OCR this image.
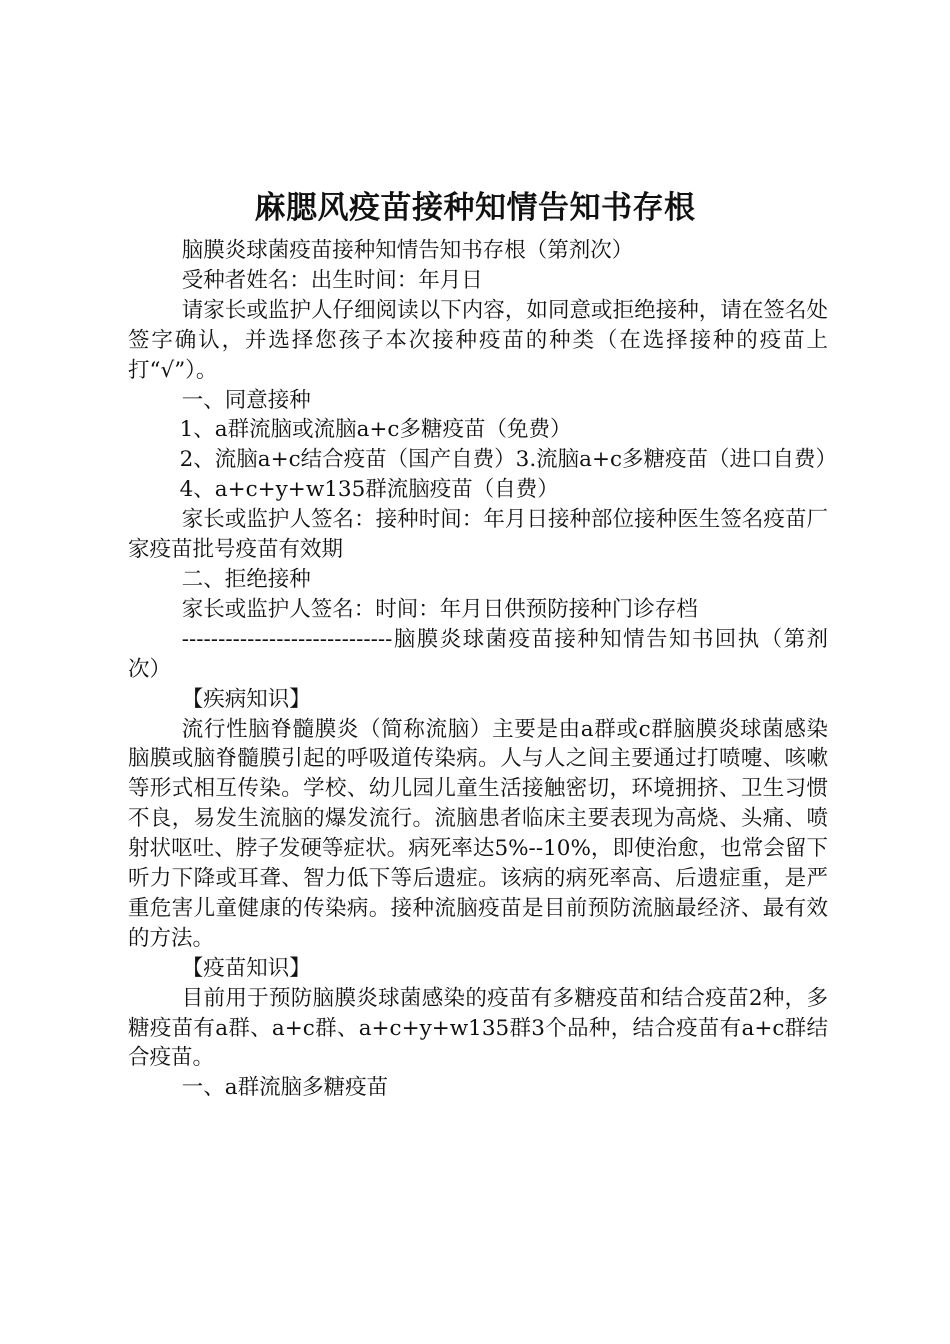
麻腮风疫苗接种知情告知书存根

脑膜炎球菌疫苗接种知情告知书存根（第剂次）

受种者姓名：出生时间：年月日

请家长或监护人仔细阅读以下内容，如同意或拒绝接种，请在签名处签字确认，并选择您孩子本次接种疫苗的种类（在选择接种的疫苗上打“√”）。

一、同意接种

1、a群流脑或流脑a+c多糖疫苗（免费）

2、流脑a+c结合疫苗（国产自费）3.流脑a+c多糖疫苗（进口自费）

4、a+c+y+w135群流脑疫苗（自费）

家长或监护人签名：接种时间：年月日接种部位接种医生签名疫苗厂家疫苗批号疫苗有效期

二、拒绝接种

家长或监护人签名：时间：年月日供预防接种门诊存档

-----------------------------脑膜炎球菌疫苗接种知情告知书回执（第剂次）

【疾病知识】

流行性脑脊髓膜炎（简称流脑）主要是由a群或c群脑膜炎球菌感染脑膜或脑脊髓膜引起的呼吸道传染病。人与人之间主要通过打喷嚏、咳嗽等形式相互传染。学校、幼儿园儿童生活接触密切，环境拥挤、卫生习惯不良，易发生流脑的爆发流行。流脑患者临床主要表现为高烧、头痛、喷射状呕吐、脖子发硬等症状。病死率达5%--10%，即使治愈，也常会留下听力下降或耳聋、智力低下等后遗症。该病的病死率高、后遗症重，是严重危害儿童健康的传染病。接种流脑疫苗是目前预防流脑最经济、最有效的方法。

【疫苗知识】

目前用于预防脑膜炎球菌感染的疫苗有多糖疫苗和结合疫苗2种，多糖疫苗有a群、a+c群、a+c+y+w135群3个品种，结合疫苗有a+c群结合疫苗。

一、a群流脑多糖疫苗
